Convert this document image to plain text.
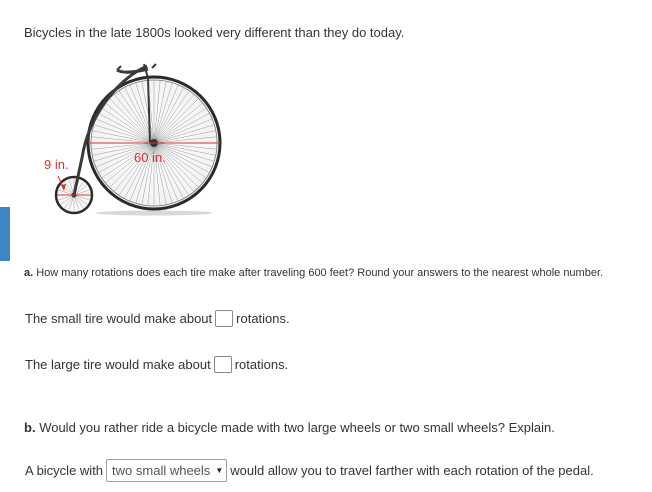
Bicycles in the late 1800s looked very different than they do today.
9 in.	60 in.
a. How many rotations does each tire make after traveling 600 feet? Round your answers to the nearest whole number.
The small tire would make about rotations.
The large tire would make about rotations.
b. Would you rather ride a bicycle made with two large wheels or two small wheels? Explain.
A bicycle with two small wheels ▼ would allow you to travel farther with each rotation of the pedal.
